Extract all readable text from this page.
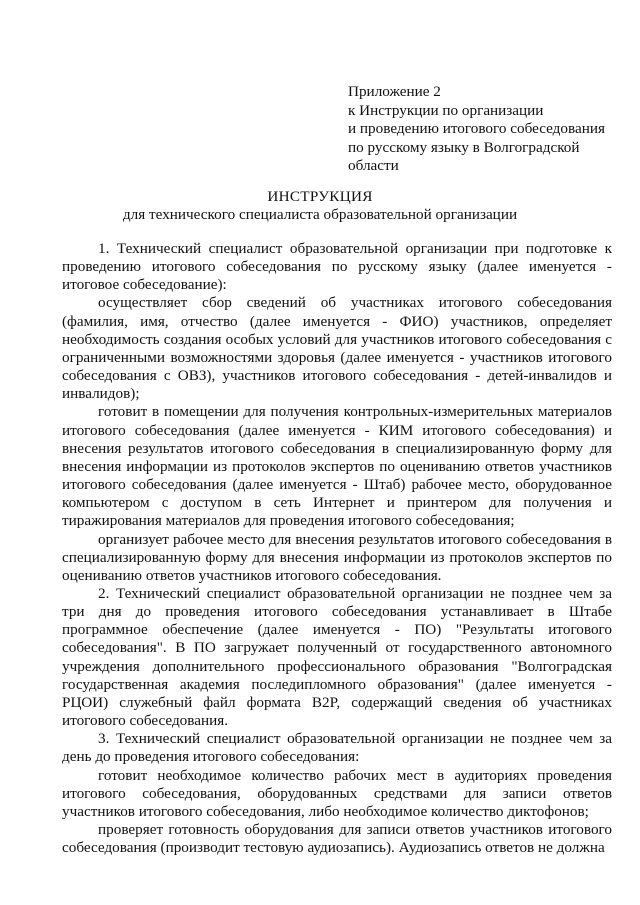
Приложение 2
к Инструкции по организации
и проведению итогового собеседования
по русскому языку в Волгоградской
области
ИНСТРУКЦИЯ
для технического специалиста образовательной организации

1. Технический специалист образовательной организации при подготовке к проведению итогового собеседования по русскому языку (далее именуется - итоговое собеседование):

осуществляет сбор сведений об участниках итогового собеседования (фамилия, имя, отчество (далее именуется - ФИО) участников, определяет необходимость создания особых условий для участников итогового собеседования с ограниченными возможностями здоровья (далее именуется - участников итогового собеседования с ОВЗ), участников итогового собеседования - детей-инвалидов и инвалидов);

готовит в помещении для получения контрольных-измерительных материалов итогового собеседования (далее именуется - КИМ итогового собеседования) и внесения результатов итогового собеседования в специализированную форму для внесения информации из протоколов экспертов по оцениванию ответов участников итогового собеседования (далее именуется - Штаб) рабочее место, оборудованное компьютером с доступом в сеть Интернет и принтером для получения и тиражирования материалов для проведения итогового собеседования;

организует рабочее место для внесения результатов итогового собеседования в специализированную форму для внесения информации из протоколов экспертов по оцениванию ответов участников итогового собеседования.

2. Технический специалист образовательной организации не позднее чем за три дня до проведения итогового собеседования устанавливает в Штабе программное обеспечение (далее именуется - ПО) "Результаты итогового собеседования". В ПО загружает полученный от государственного автономного учреждения дополнительного профессионального образования "Волгоградская государственная академия последипломного образования" (далее именуется - РЦОИ) служебный файл формата B2P, содержащий сведения об участниках итогового собеседования.

3. Технический специалист образовательной организации не позднее чем за день до проведения итогового собеседования:

готовит необходимое количество рабочих мест в аудиториях проведения итогового собеседования, оборудованных средствами для записи ответов участников итогового собеседования, либо необходимое количество диктофонов;

проверяет готовность оборудования для записи ответов участников итогового собеседования (производит тестовую аудиозапись). Аудиозапись ответов не должна
